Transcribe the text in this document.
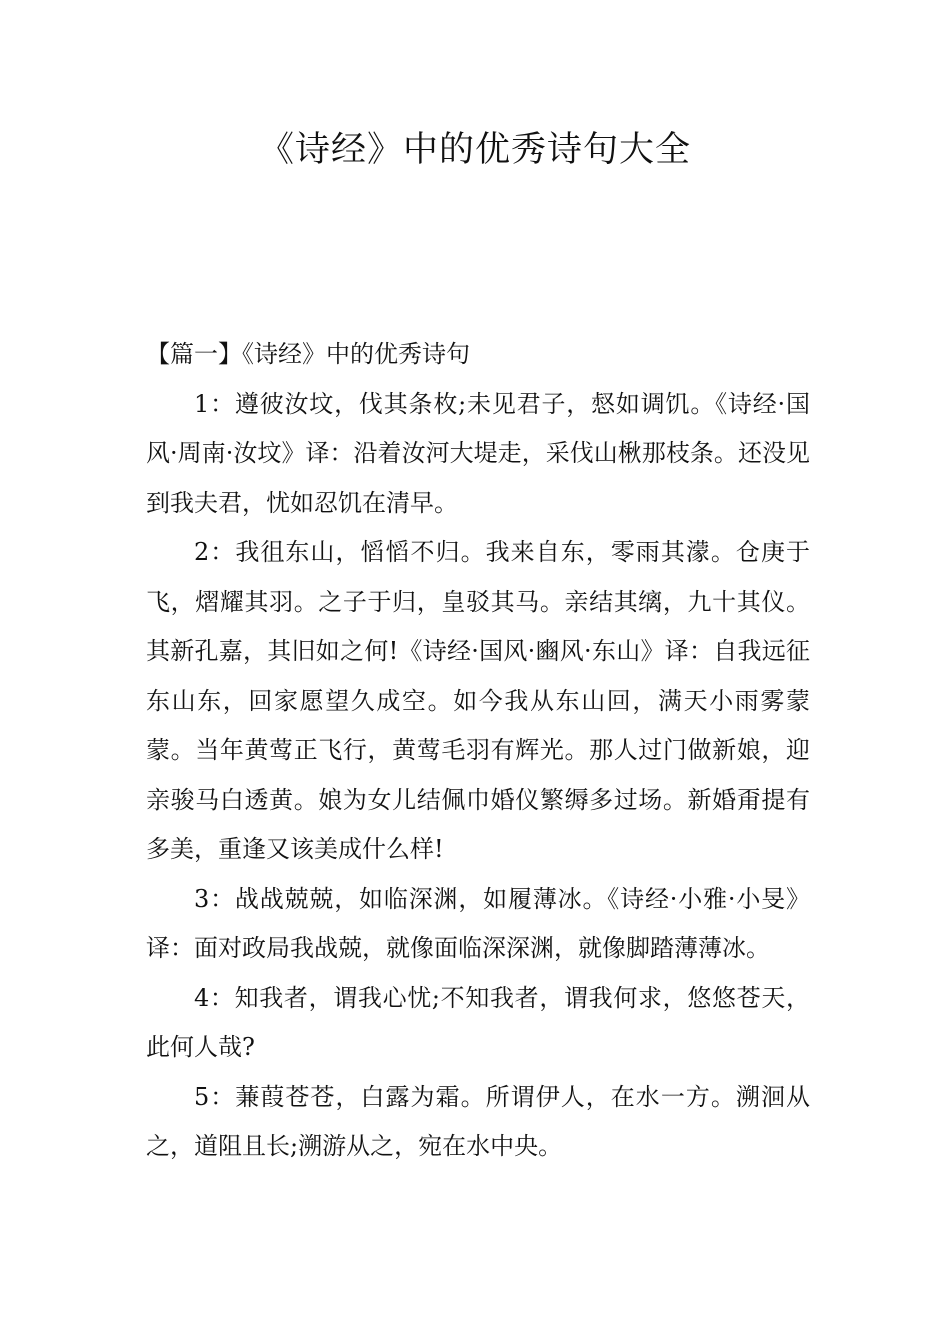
《诗经》中的优秀诗句大全

【篇一】《诗经》中的优秀诗句

1：遵彼汝坟，伐其条枚;未见君子，惄如调饥。《诗经·国风·周南·汝坟》译：沿着汝河大堤走，采伐山楸那枝条。还没见到我夫君，忧如忍饥在清早。

2：我徂东山，慆慆不归。我来自东，零雨其濛。仓庚于飞，熠耀其羽。之子于归，皇驳其马。亲结其缡，九十其仪。其新孔嘉，其旧如之何!《诗经·国风·豳风·东山》译：自我远征东山东，回家愿望久成空。如今我从东山回，满天小雨雾蒙蒙。当年黄莺正飞行，黄莺毛羽有辉光。那人过门做新娘，迎亲骏马白透黄。娘为女儿结佩巾婚仪繁缛多过场。新婚甭提有多美，重逢又该美成什么样!

3：战战兢兢，如临深渊，如履薄冰。《诗经·小雅·小旻》译：面对政局我战兢，就像面临深深渊，就像脚踏薄薄冰。

4：知我者，谓我心忧;不知我者，谓我何求，悠悠苍天，此何人哉?

5：蒹葭苍苍，白露为霜。所谓伊人，在水一方。溯洄从之，道阻且长;溯游从之，宛在水中央。
